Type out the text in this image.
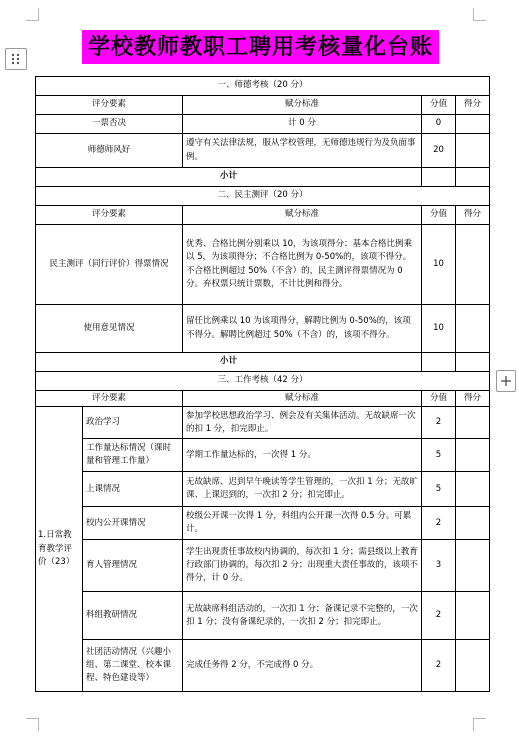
学校教师教职工聘用考核量化台账
一、师德考核（20 分）				
评分要素		赋分标准	分值	得分
一票否决		计 0 分	0	
师德师风好		遵守有关法律法规，服从学校管理，无师德违规行为及负面事例。	20	
小计				
二、民主测评（20 分）				
评分要素		赋分标准	分值	得分
民主测评（同行评价）得票情况		优秀、合格比例分别乘以 10，为该项得分；基本合格比例乘以 5，为该项得分；不合格比例为 0-50%的，该项不得分。不合格比例超过 50%（不含）的，民主测评得票情况为 0 分。弃权票只统计票数，不计比例和得分。	10	
使用意见情况		留任比例乘以 10 为该项得分，解聘比例为 0-50%的，该项不得分。解聘比例超过 50%（不含）的，该项不得分。	10	
小计				
三、工作考核（42 分）				
评分要素		赋分标准	分值	得分
1.日常教育教学评价（23）	政治学习	参加学校思想政治学习、例会及有关集体活动。无故缺席一次的扣 1 分，扣完即止。	2	
	工作量达标情况（课时量和管理工作量）	学期工作量达标的，一次得 1 分。	5	
	上课情况	无故缺席、迟到早午晚读等学生管理的，一次扣 1 分；无故旷课、上课迟到的，一次扣 2 分；扣完即止。	5	
	校内公开课情况	校级公开课一次得 1 分，科组内公开课一次得 0.5 分。可累计。	2	
	育人管理情况	学生出现责任事故校内协调的，每次扣 1 分；需县级以上教育行政部门协调的，每次扣 2 分；出现重大责任事故的，该项不得分，计 0 分。	3	
	科组教研情况	无故缺席科组活动的，一次扣 1 分；备课记录不完整的，一次扣 1 分；没有备课纪录的，一次扣 2 分；扣完即止。	2	
	社团活动情况（兴趣小组、第二课堂、校本课程、特色建设等）	完成任务得 2 分，不完成得 0 分。	2	
